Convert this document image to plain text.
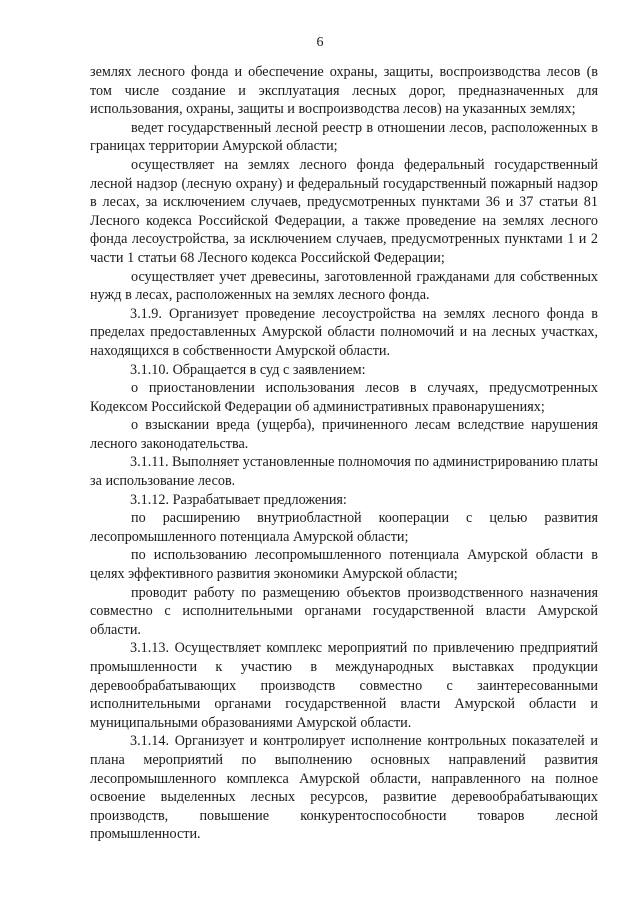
6

землях лесного фонда и обеспечение охраны, защиты, воспроизводства лесов (в том числе создание и эксплуатация лесных дорог, предназначенных для использования, охраны, защиты и воспроизводства лесов) на указанных землях;

ведет государственный лесной реестр в отношении лесов, расположенных в границах территории Амурской области;

осуществляет на землях лесного фонда федеральный государственный лесной надзор (лесную охрану) и федеральный государственный пожарный надзор в лесах, за исключением случаев, предусмотренных пунктами 36 и 37 статьи 81 Лесного кодекса Российской Федерации, а также проведение на землях лесного фонда лесоустройства, за исключением случаев, предусмотренных пунктами 1 и 2 части 1 статьи 68 Лесного кодекса Российской Федерации;

осуществляет учет древесины, заготовленной гражданами для собственных нужд в лесах, расположенных на землях лесного фонда.

3.1.9. Организует проведение лесоустройства на землях лесного фонда в пределах предоставленных Амурской области полномочий и на лесных участках, находящихся в собственности Амурской области.

3.1.10. Обращается в суд с заявлением:

о приостановлении использования лесов в случаях, предусмотренных Кодексом Российской Федерации об административных правонарушениях;

о взыскании вреда (ущерба), причиненного лесам вследствие нарушения лесного законодательства.

3.1.11. Выполняет установленные полномочия по администрированию платы за использование лесов.

3.1.12. Разрабатывает предложения:

по расширению внутриобластной кооперации с целью развития лесопромышленного потенциала Амурской области;

по использованию лесопромышленного потенциала Амурской области в целях эффективного развития экономики Амурской области;

проводит работу по размещению объектов производственного назначения совместно с исполнительными органами государственной власти Амурской области.

3.1.13. Осуществляет комплекс мероприятий по привлечению предприятий промышленности к участию в международных выставках продукции деревообрабатывающих производств совместно с заинтересованными исполнительными органами государственной власти Амурской области и муниципальными образованиями Амурской области.

3.1.14. Организует и контролирует исполнение контрольных показателей и плана мероприятий по выполнению основных направлений развития лесопромышленного комплекса Амурской области, направленного на полное освоение выделенных лесных ресурсов, развитие деревообрабатывающих производств, повышение конкурентоспособности товаров лесной промышленности.
